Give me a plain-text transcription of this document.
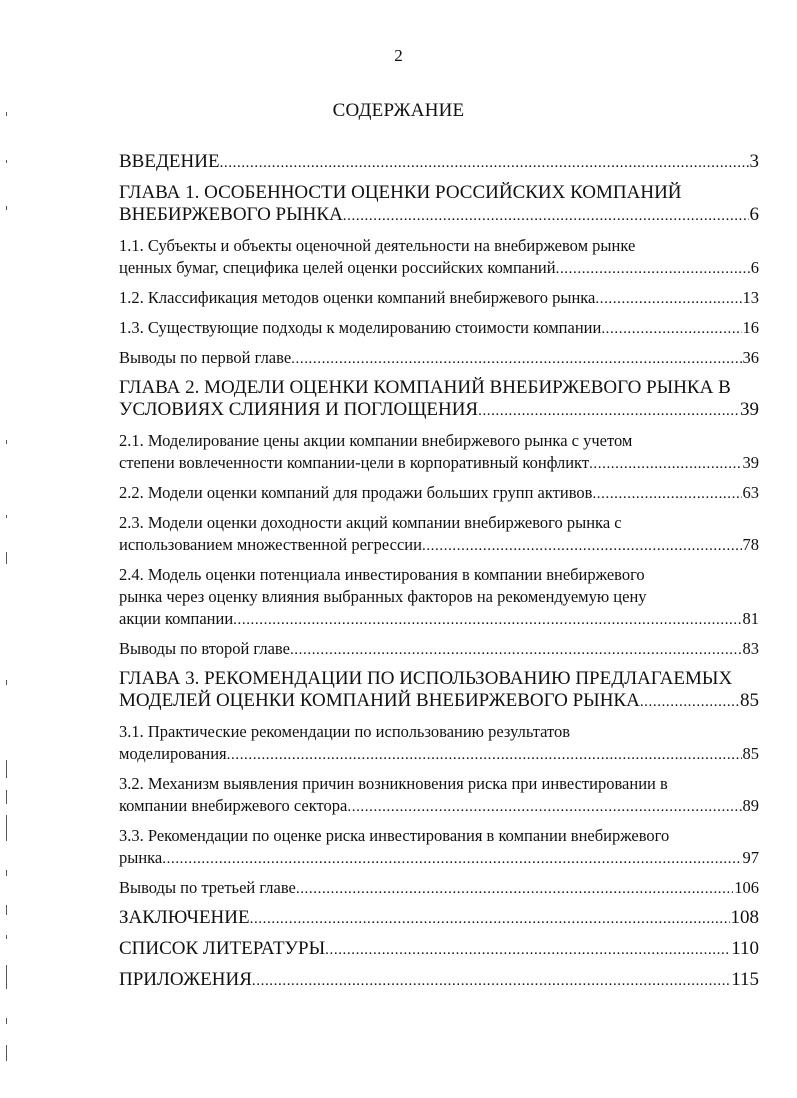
2
СОДЕРЖАНИЕ
ВВЕДЕНИЕ .....	3
ГЛАВА 1. ОСОБЕННОСТИ ОЦЕНКИ РОССИЙСКИХ КОМПАНИЙ
ВНЕБИРЖЕВОГО РЫНКА .....	6
1.1. Субъекты и объекты оценочной деятельности на внебиржевом рынке
ценных бумаг, специфика целей оценки российских компаний .....	6
1.2. Классификация методов оценки компаний внебиржевого рынка .....	13
1.3. Существующие подходы к моделированию стоимости компании .....	16
Выводы по первой главе .....	36
ГЛАВА 2. МОДЕЛИ ОЦЕНКИ КОМПАНИЙ ВНЕБИРЖЕВОГО РЫНКА В
УСЛОВИЯХ СЛИЯНИЯ И ПОГЛОЩЕНИЯ .....	39
2.1. Моделирование цены акции компании внебиржевого рынка с учетом
степени вовлеченности компании-цели в корпоративный конфликт .....	39
2.2. Модели оценки компаний для продажи больших групп активов .....	63
2.3. Модели оценки доходности акций компании внебиржевого рынка с
использованием множественной регрессии .....	78
2.4. Модель оценки потенциала инвестирования в компании внебиржевого
рынка через оценку влияния выбранных факторов на рекомендуемую цену
акции компании .....	81
Выводы по второй главе .....	83
ГЛАВА 3. РЕКОМЕНДАЦИИ ПО ИСПОЛЬЗОВАНИЮ ПРЕДЛАГАЕМЫХ
МОДЕЛЕЙ ОЦЕНКИ КОМПАНИЙ ВНЕБИРЖЕВОГО РЫНКА .....	85
3.1. Практические рекомендации по использованию результатов
моделирования .....	85
3.2. Механизм выявления причин возникновения риска при инвестировании в
компании внебиржевого сектора .....	89
3.3. Рекомендации по оценке риска инвестирования в компании внебиржевого
рынка .....	97
Выводы по третьей главе .....	106
ЗАКЛЮЧЕНИЕ .....	108
СПИСОК ЛИТЕРАТУРЫ .....	110
ПРИЛОЖЕНИЯ .....	115
